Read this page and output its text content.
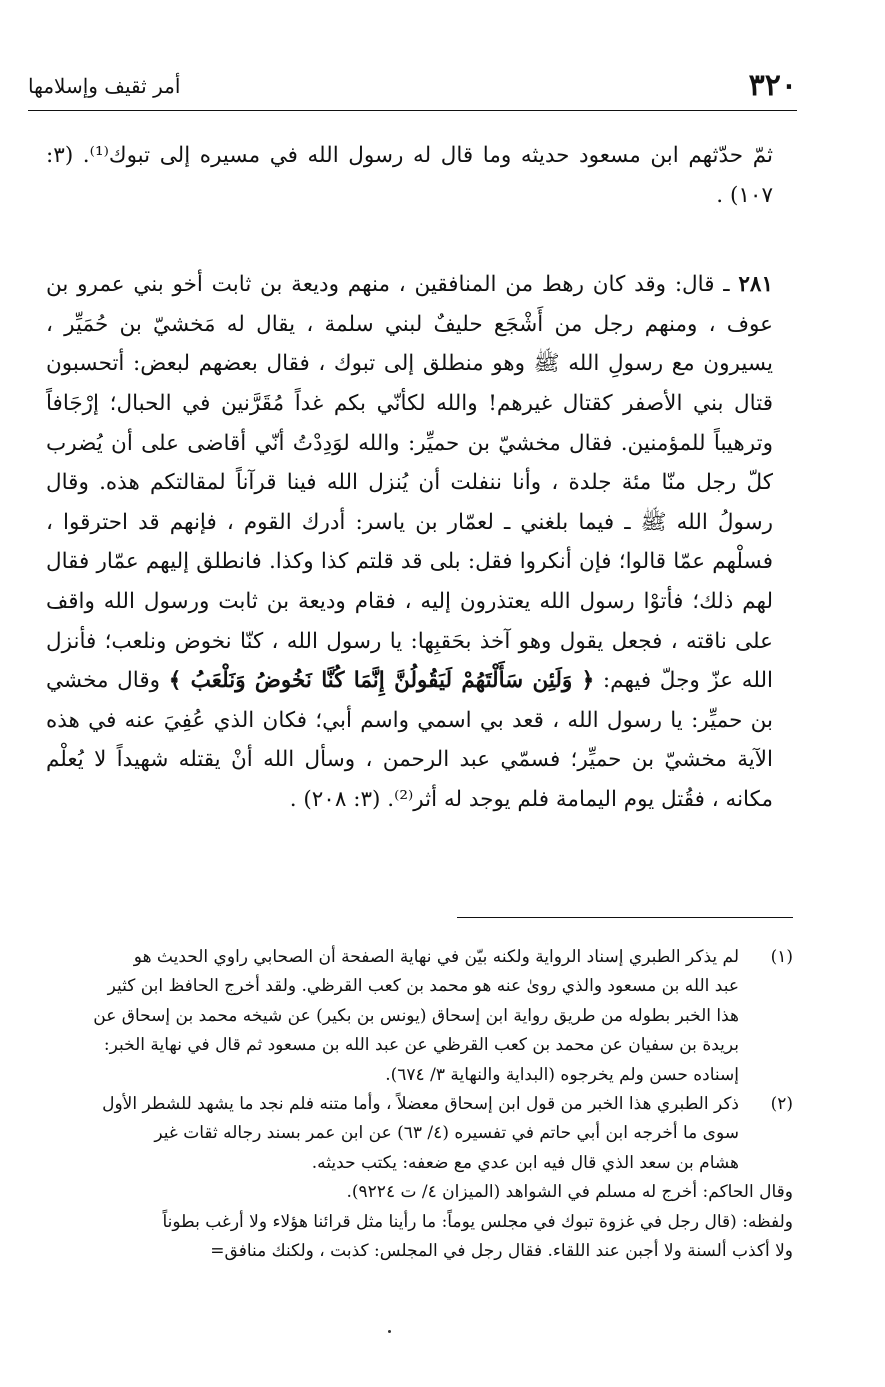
٣٢٠
أمر ثقيف وإسلامها

ثمّ حدّثهم ابن مسعود حديثه وما قال له رسول الله في مسيره إلى تبوك⁽¹⁾. (٣: ١٠٧) .

٢٨١ ـ قال: وقد كان رهط من المنافقين ، منهم وديعة بن ثابت أخو بني عمرو بن عوف ، ومنهم رجل من أَشْجَع حليفٌ لبني سلمة ، يقال له مَخشيّ بن حُمَيِّر ، يسيرون مع رسولِ الله ﷺ وهو منطلق إلى تبوك ، فقال بعضهم لبعض: أتحسبون قتال بني الأصفر كقتال غيرهم! والله لكأنّي بكم غداً مُقَرَّنين في الحبال؛ إرْجَافاً وترهيباً للمؤمنين. فقال مخشيّ بن حميِّر: والله لوَدِدْتُ أنّي أقاضى على أن يُضرب كلّ رجل منّا مئة جلدة ، وأنا ننفلت أن يُنزل الله فينا قرآناً لمقالتكم هذه. وقال رسولُ الله ﷺ ـ فيما بلغني ـ لعمّار بن ياسر: أدرك القوم ، فإنهم قد احترقوا ، فسلْهم عمّا قالوا؛ فإن أنكروا فقل: بلى قد قلتم كذا وكذا. فانطلق إليهم عمّار فقال لهم ذلك؛ فأتوْا رسول الله يعتذرون إليه ، فقام وديعة بن ثابت ورسول الله واقف على ناقته ، فجعل يقول وهو آخذ بحَقبِها: يا رسول الله ، كنّا نخوض ونلعب؛ فأنزل الله عزّ وجلّ فيهم: ﴿ وَلَئِن سَأَلْتَهُمْ لَيَقُولُنَّ إِنَّمَا كُنَّا نَخُوضُ وَنَلْعَبُ ﴾ وقال مخشي بن حميِّر: يا رسول الله ، قعد بي اسمي واسم أبي؛ فكان الذي عُفِيَ عنه في هذه الآية مخشيّ بن حميِّر؛ فسمّي عبد الرحمن ، وسأل الله أنْ يقتله شهيداً لا يُعلْم مكانه ، فقُتل يوم اليمامة فلم يوجد له أثر⁽²⁾. (٣: ٢٠٨) .

(١)
لم يذكر الطبري إسناد الرواية ولكنه بيّن في نهاية الصفحة أن الصحابي راوي الحديث هو
عبد الله بن مسعود والذي روىٰ عنه هو محمد بن كعب القرظي. ولقد أخرج الحافظ ابن كثير
هذا الخبر بطوله من طريق رواية ابن إسحاق (يونس بن بكير) عن شيخه محمد بن إسحاق عن
بريدة بن سفيان عن محمد بن كعب القرظي عن عبد الله بن مسعود ثم قال في نهاية الخبر:
إسناده حسن ولم يخرجوه (البداية والنهاية ٣/ ٦٧٤).
(٢)
ذكر الطبري هذا الخبر من قول ابن إسحاق معضلاً ، وأما متنه فلم نجد ما يشهد للشطر الأول
سوى ما أخرجه ابن أبي حاتم في تفسيره (٤/ ٦٣) عن ابن عمر بسند رجاله ثقات غير
هشام بن سعد الذي قال فيه ابن عدي مع ضعفه: يكتب حديثه.
وقال الحاكم: أخرج له مسلم في الشواهد (الميزان ٤/ ت ٩٢٢٤).
ولفظه: (قال رجل في غزوة تبوك في مجلس يوماً: ما رأينا مثل قرائنا هؤلاء ولا أرغب بطوناً
ولا أكذب ألسنة ولا أجبن عند اللقاء. فقال رجل في المجلس: كذبت ، ولكنك منافق=
